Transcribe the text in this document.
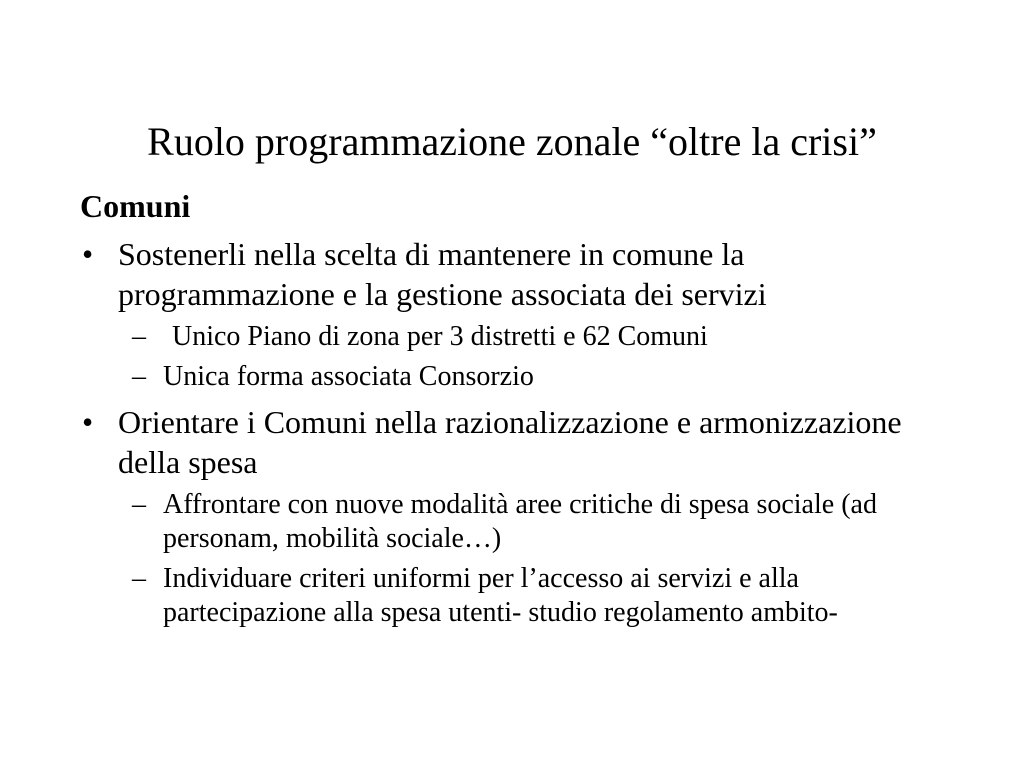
Ruolo programmazione zonale “oltre la crisi”
Comuni
• Sostenerli nella scelta di mantenere in comune la programmazione e la gestione associata dei servizi
– Unico Piano di zona per 3 distretti e 62 Comuni
– Unica forma associata Consorzio
• Orientare i Comuni nella razionalizzazione e armonizzazione della spesa
– Affrontare con nuove modalità aree critiche di spesa sociale (ad personam, mobilità sociale…)
– Individuare criteri uniformi per l’accesso ai servizi e alla partecipazione alla spesa utenti- studio regolamento ambito-
